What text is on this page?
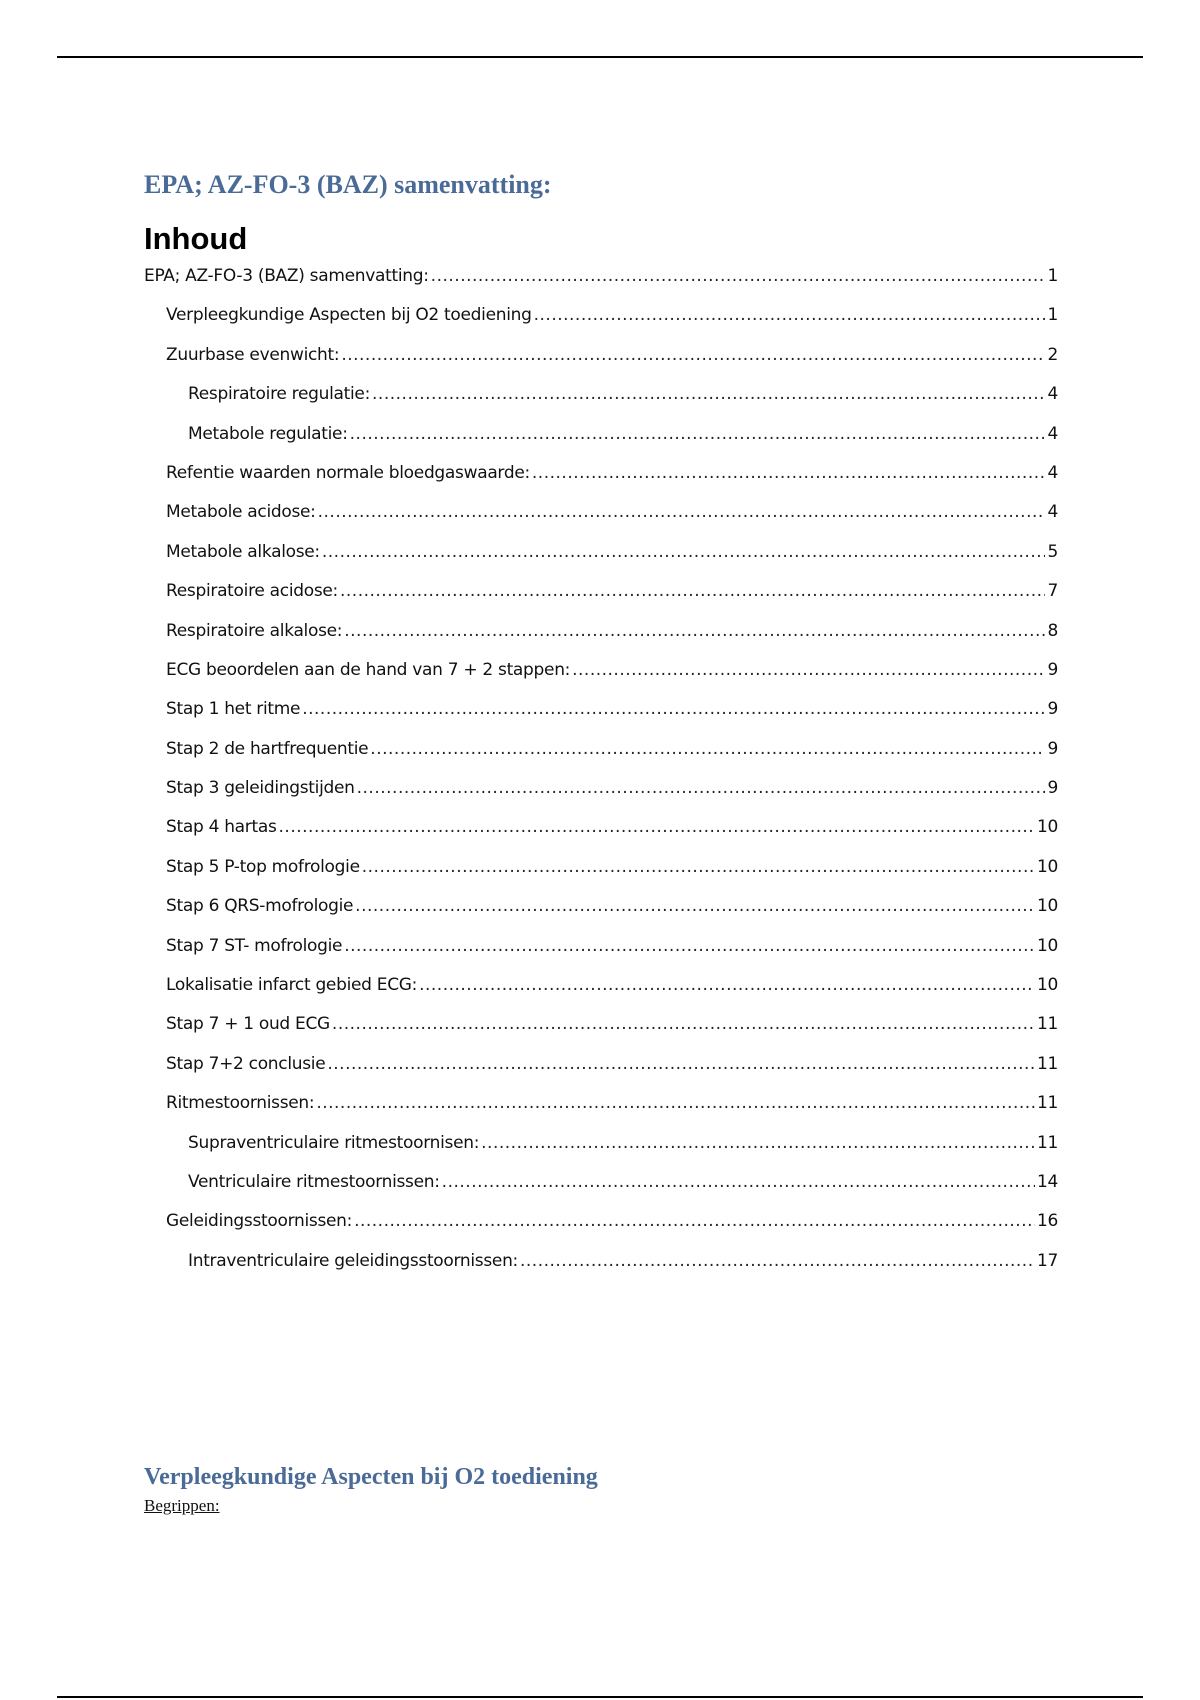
EPA; AZ-FO-3 (BAZ) samenvatting:
Inhoud
EPA; AZ-FO-3 (BAZ) samenvatting: .....	1
Verpleegkundige Aspecten bij O2 toediening .....	1
Zuurbase evenwicht: .....	2
Respiratoire regulatie: .....	4
Metabole regulatie: .....	4
Refentie waarden normale bloedgaswaarde: .....	4
Metabole acidose: .....	4
Metabole alkalose: .....	5
Respiratoire acidose: .....	7
Respiratoire alkalose: .....	8
ECG beoordelen aan de hand van 7 + 2 stappen: .....	9
Stap 1 het ritme .....	9
Stap 2 de hartfrequentie .....	9
Stap 3 geleidingstijden .....	9
Stap 4 hartas .....	10
Stap 5 P-top mofrologie .....	10
Stap 6 QRS-mofrologie .....	10
Stap 7 ST- mofrologie .....	10
Lokalisatie infarct gebied ECG: .....	10
Stap 7 + 1 oud ECG .....	11
Stap 7+2 conclusie .....	11
Ritmestoornissen: .....	11
Supraventriculaire ritmestoornisen: .....	11
Ventriculaire ritmestoornissen: .....	14
Geleidingsstoornissen: .....	16
Intraventriculaire geleidingsstoornissen: .....	17
Verpleegkundige Aspecten bij O2 toediening

Begrippen:
